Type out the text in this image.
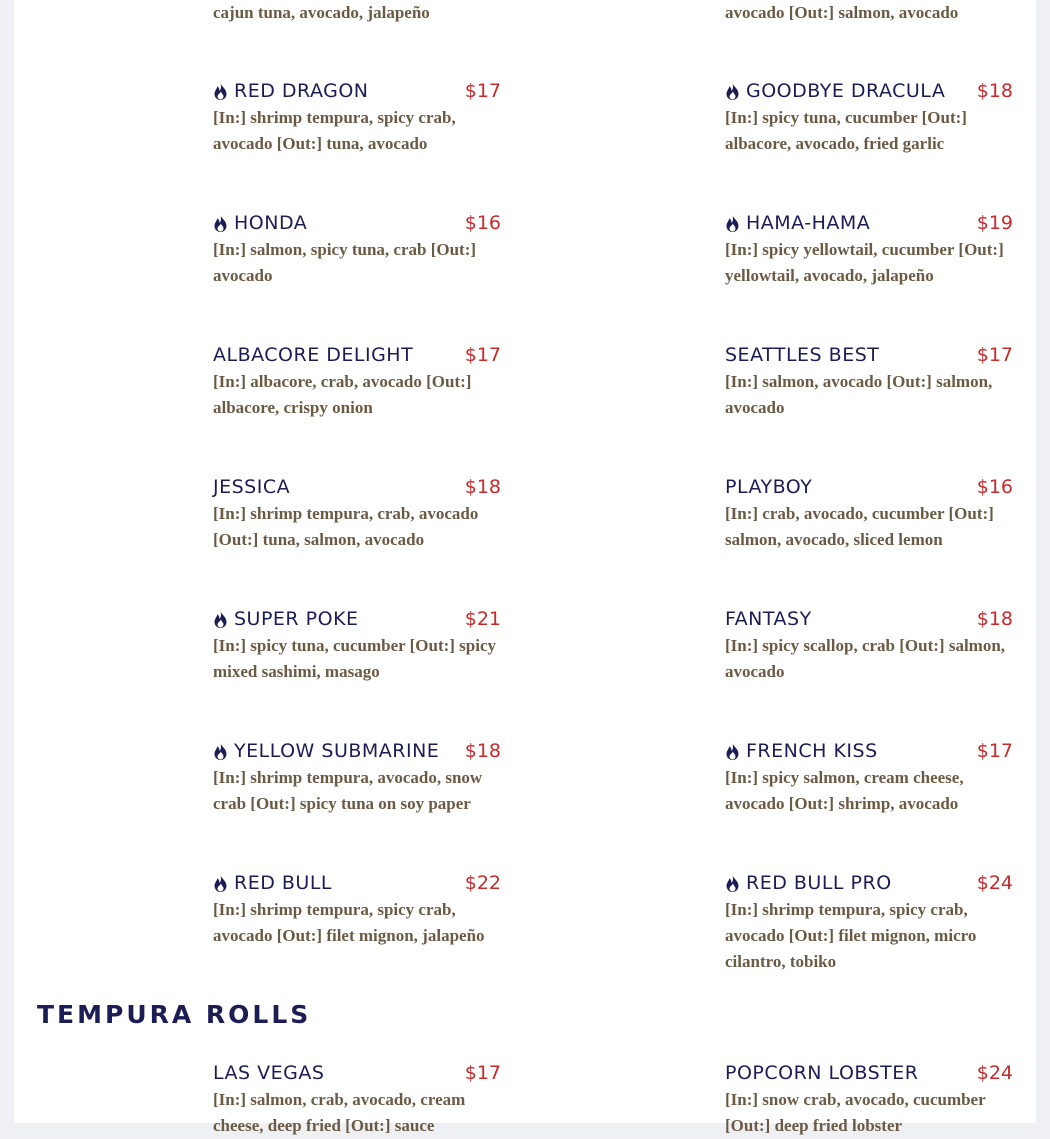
cajun tuna, avocado, jalapeño	avocado [Out:] salmon, avocado
RED DRAGON	$17
[In:] shrimp tempura, spicy crab, avocado [Out:] tuna, avocado
GOODBYE DRACULA $18
[In:] spicy tuna, cucumber [Out:] albacore, avocado, fried garlic
HONDA	$16
[In:] salmon, spicy tuna, crab [Out:] avocado
HAMA-HAMA	$19
[In:] spicy yellowtail, cucumber [Out:] yellowtail, avocado, jalapeño
ALBACORE DELIGHT	$17
[In:] albacore, crab, avocado [Out:] albacore, crispy onion
SEATTLES BEST	$17
[In:] salmon, avocado [Out:] salmon, avocado
JESSICA	$18
[In:] shrimp tempura, crab, avocado [Out:] tuna, salmon, avocado
PLAYBOY	$16
[In:] crab, avocado, cucumber [Out:] salmon, avocado, sliced lemon
SUPER POKE	$21
[In:] spicy tuna, cucumber [Out:] spicy mixed sashimi, masago
FANTASY	$18
[In:] spicy scallop, crab [Out:] salmon, avocado
YELLOW SUBMARINE $18
[In:] shrimp tempura, avocado, snow crab [Out:] spicy tuna on soy paper
FRENCH KISS	$17
[In:] spicy salmon, cream cheese, avocado [Out:] shrimp, avocado
RED BULL	$22
[In:] shrimp tempura, spicy crab, avocado [Out:] filet mignon, jalapeño
RED BULL PRO	$24
[In:] shrimp tempura, spicy crab, avocado [Out:] filet mignon, micro cilantro, tobiko
TEMPURA ROLLS
LAS VEGAS	$17
[In:] salmon, crab, avocado, cream cheese, deep fried [Out:] sauce
POPCORN LOBSTER	$24
[In:] snow crab, avocado, cucumber [Out:] deep fried lobster
